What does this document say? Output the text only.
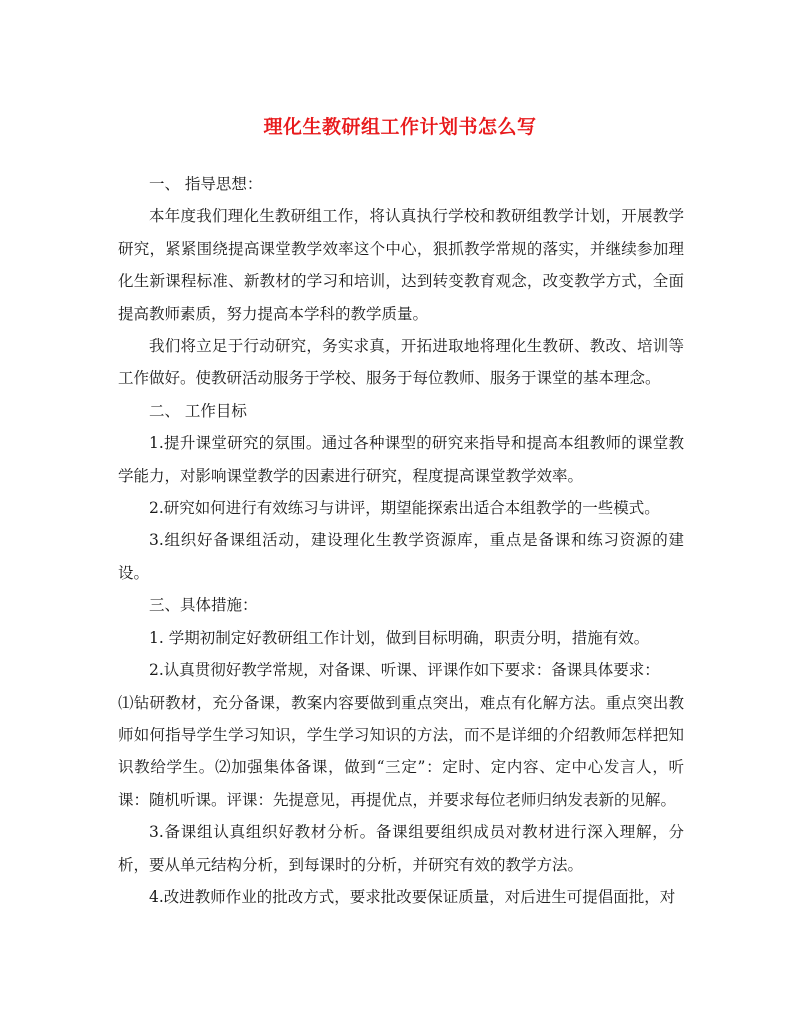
理化生教研组工作计划书怎么写

一、 指导思想：

本年度我们理化生教研组工作，将认真执行学校和教研组教学计划，开展教学研究，紧紧围绕提高课堂教学效率这个中心，狠抓教学常规的落实，并继续参加理化生新课程标准、新教材的学习和培训，达到转变教育观念，改变教学方式，全面提高教师素质，努力提高本学科的教学质量。

我们将立足于行动研究，务实求真，开拓进取地将理化生教研、教改、培训等工作做好。使教研活动服务于学校、服务于每位教师、服务于课堂的基本理念。

二、 工作目标

1.提升课堂研究的氛围。通过各种课型的研究来指导和提高本组教师的课堂教学能力，对影响课堂教学的因素进行研究，程度提高课堂教学效率。

2.研究如何进行有效练习与讲评，期望能探索出适合本组教学的一些模式。

3.组织好备课组活动，建设理化生教学资源库，重点是备课和练习资源的建设。

三、具体措施：

1. 学期初制定好教研组工作计划，做到目标明确，职责分明，措施有效。

2.认真贯彻好教学常规，对备课、听课、评课作如下要求：备课具体要求：

⑴钻研教材，充分备课，教案内容要做到重点突出，难点有化解方法。重点突出教师如何指导学生学习知识，学生学习知识的方法，而不是详细的介绍教师怎样把知识教给学生。⑵加强集体备课，做到“三定”：定时、定内容、定中心发言人，听课：随机听课。评课：先提意见，再提优点，并要求每位老师归纳发表新的见解。

3.备课组认真组织好教材分析。备课组要组织成员对教材进行深入理解，分析，要从单元结构分析，到每课时的分析，并研究有效的教学方法。

4.改进教师作业的批改方式，要求批改要保证质量，对后进生可提倡面批，对
